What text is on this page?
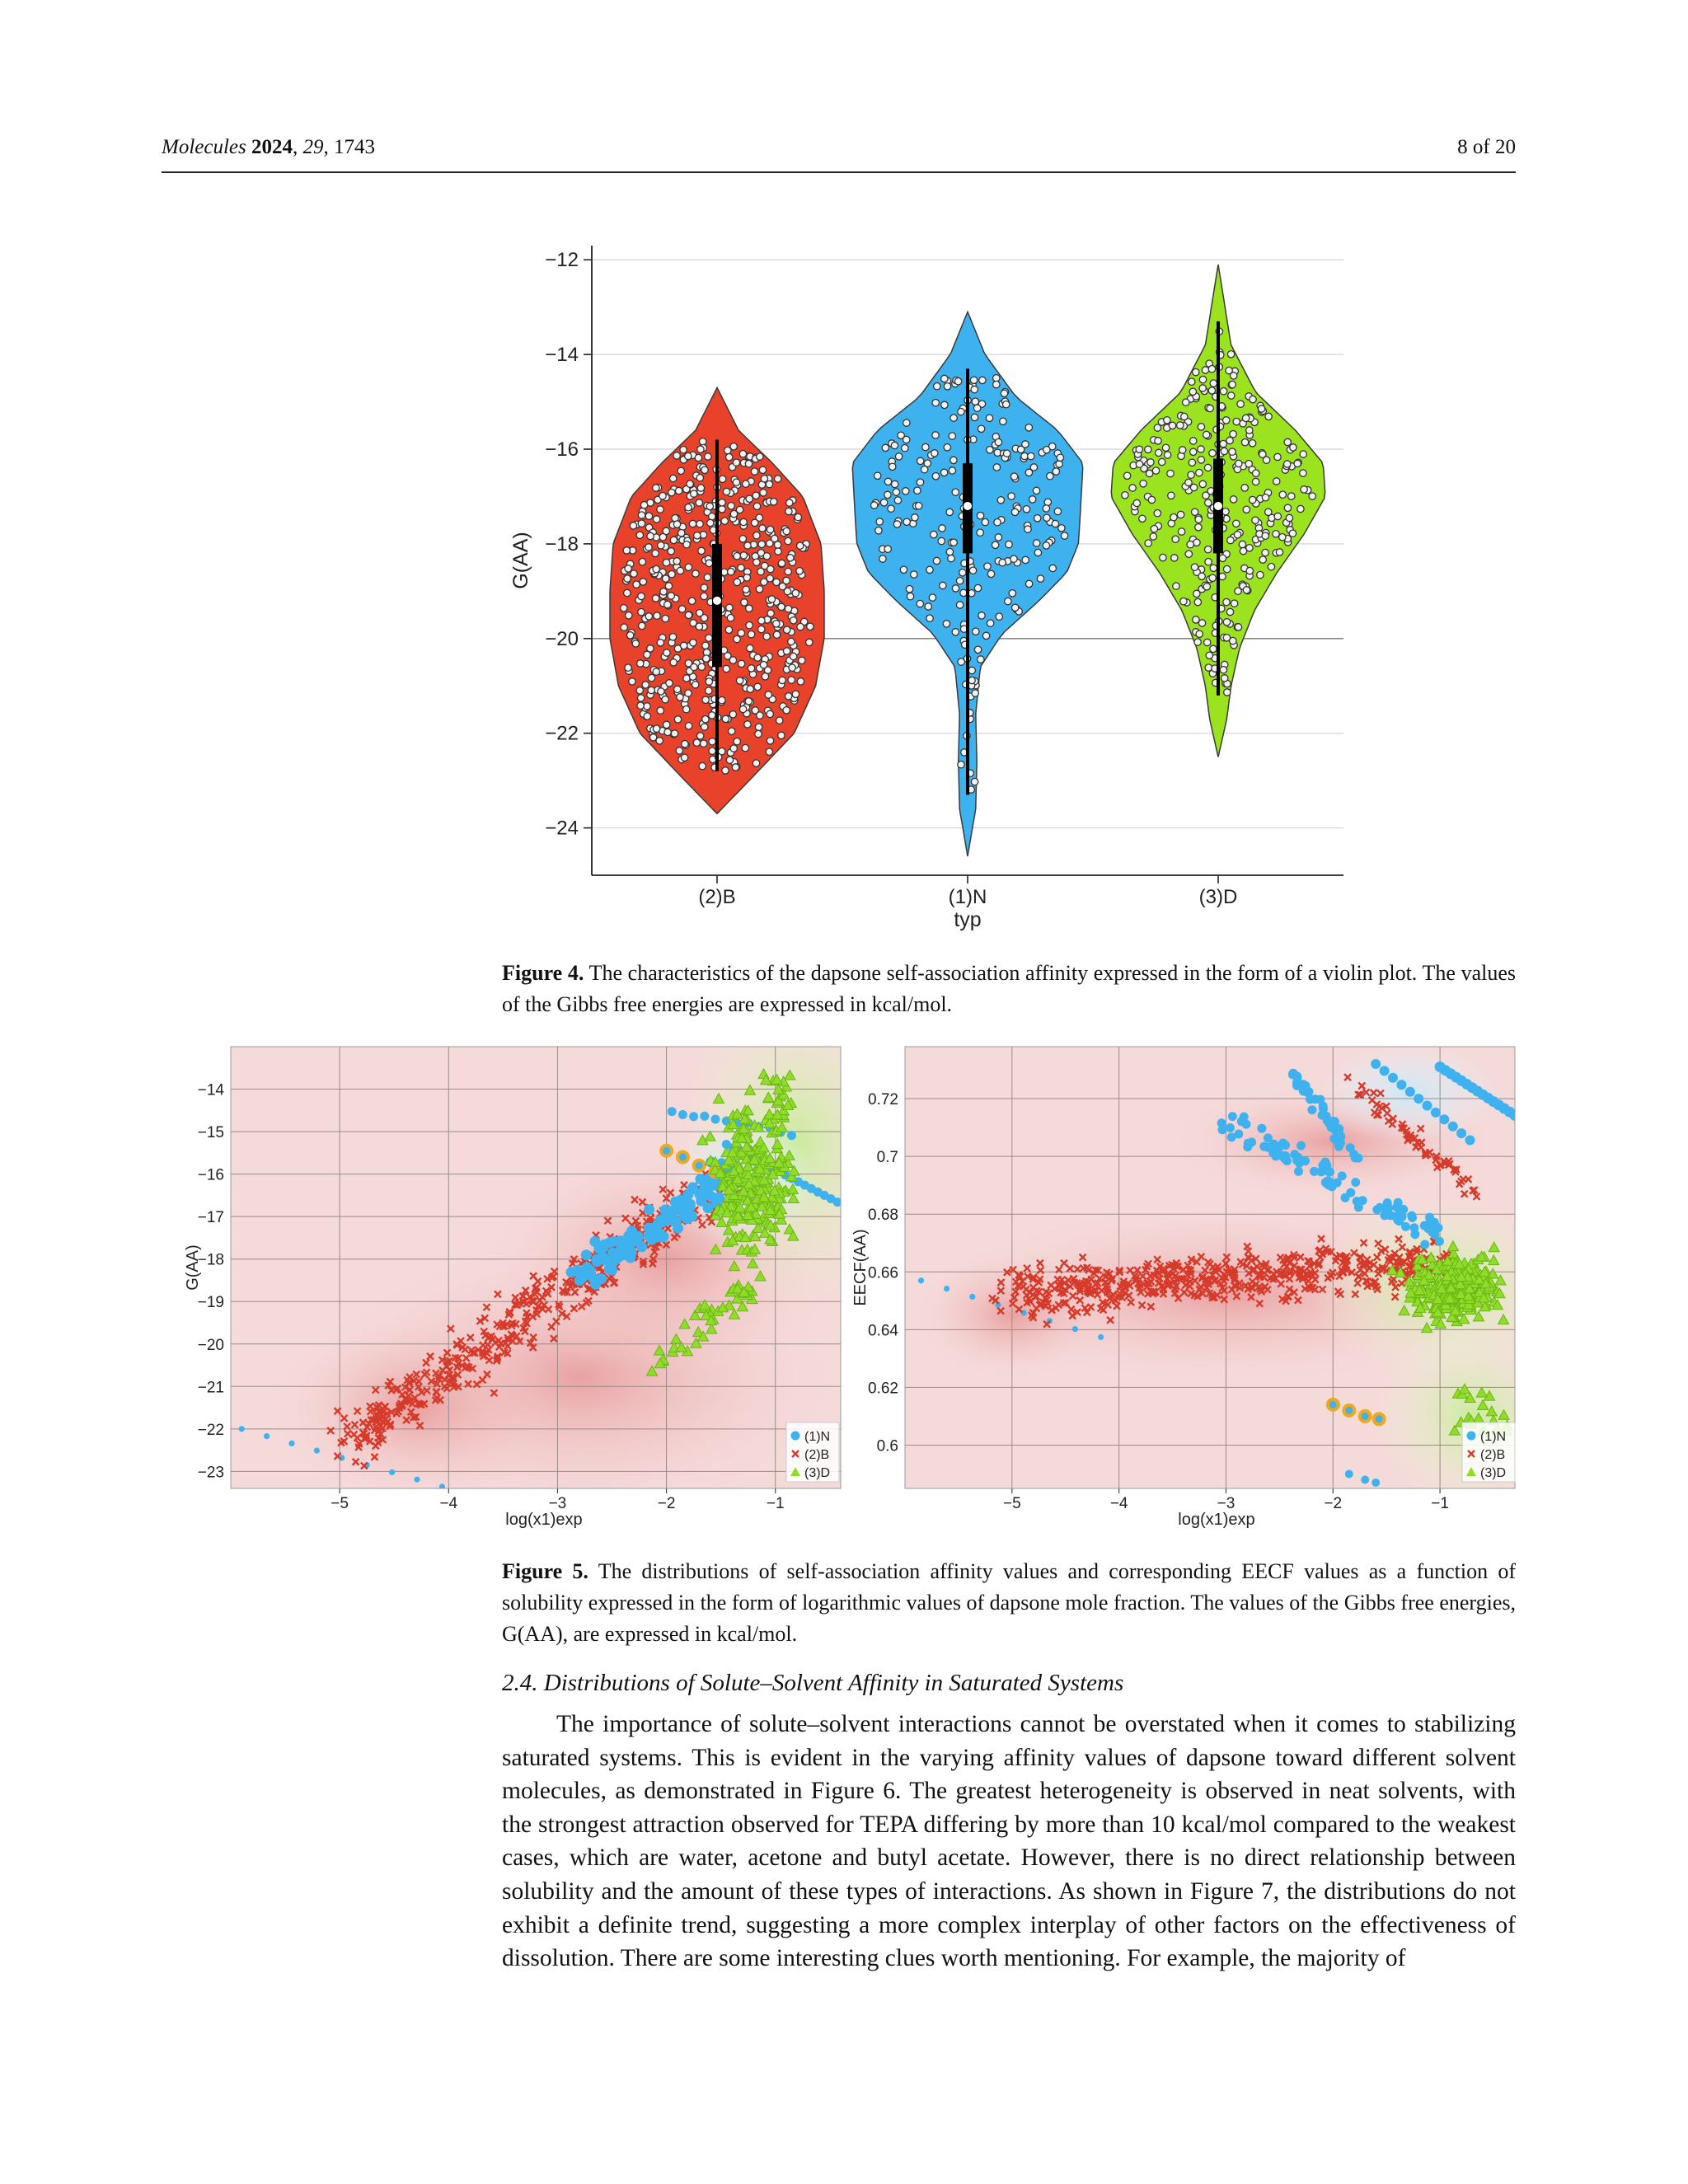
Molecules 2024, 29, 1743	8 of 20
−12
−14
−16
−18
−20
−22
−24
(2)B	(1)N	(3)D
typ
G(AA)
Figure 4. The characteristics of the dapsone self-association affinity expressed in the form of a violin plot. The values of the Gibbs free energies are expressed in kcal/mol.
−5	−4	−3	−2	−1
−14
−15
−16
−17
−18
−19
−20
−21
−22
−23
(1)N
(2)B
(3)D
log(x1)exp
G(AA)
−5	−4	−3	−2	−1
0.72
0.7
0.68
0.66
0.64
0.62
0.6
(1)N
(2)B
(3)D
log(x1)exp
EECF(AA)
Figure 5. The distributions of self-association affinity values and corresponding EECF values as a function of solubility expressed in the form of logarithmic values of dapsone mole fraction. The values of the Gibbs free energies, G(AA), are expressed in kcal/mol.
2.4. Distributions of Solute–Solvent Affinity in Saturated Systems

The importance of solute–solvent interactions cannot be overstated when it comes to stabilizing saturated systems. This is evident in the varying affinity values of dapsone toward different solvent molecules, as demonstrated in Figure 6. The greatest heterogeneity is observed in neat solvents, with the strongest attraction observed for TEPA differing by more than 10 kcal/mol compared to the weakest cases, which are water, acetone and butyl acetate. However, there is no direct relationship between solubility and the amount of these types of interactions. As shown in Figure 7, the distributions do not exhibit a definite trend, suggesting a more complex interplay of other factors on the effectiveness of dissolution. There are some interesting clues worth mentioning. For example, the majority of
